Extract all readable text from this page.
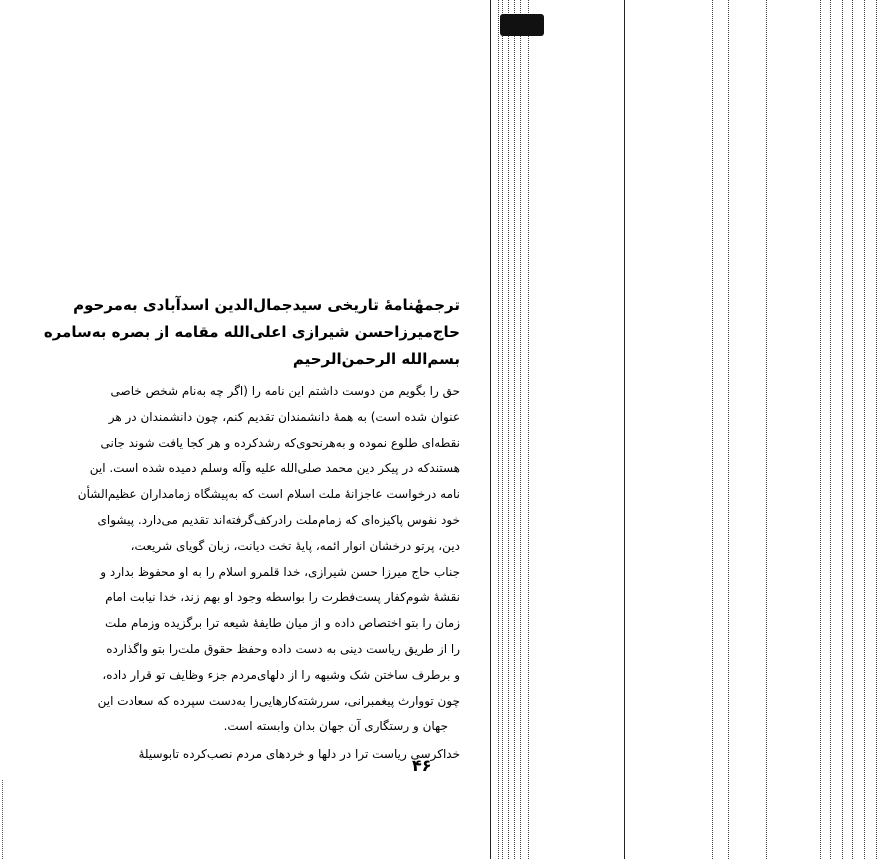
ترجمهٔنامهٔ تاریخی سیدجمال‌الدین اسدآبادی به‌مرحوم
حاج‌میرزاحسن شیرازی اعلی‌الله مقامه از بصره به‌سامره
بسم‌الله الرحمن‌الرحیم
حق را بگویم من دوست داشتم این نامه را (اگر چه به‌نام شخص خاصی
عنوان شده است) به همهٔ دانشمندان تقدیم کنم، چون دانشمندان در هر
نقطه‌ای طلوع نموده و به‌هرنحوی‌که رشدکرده و هر کجا یافت شوند جانی
هستندکه در پیکر دین محمد صلی‌الله علیه وآله وسلم دمیده شده است. این
نامه درخواست عاجزانهٔ ملت اسلام است که به‌پیشگاه زمامداران عظیم‌الشأن
خود نفوس پاکیزه‌ای که زمام‌ملت رادرکف‌گرفته‌اند تقدیم می‌دارد. پیشوای
دین، پرتو درخشان انوار ائمه، پایهٔ تخت دیانت، زبان گویای شریعت،
جناب حاج میرزا حسن شیرازی، خدا قلمرو اسلام را به او محفوظ بدارد و
نقشهٔ شوم‌کفار پست‌فطرت را بواسطه وجود او بهم زند، خدا نیابت امام
زمان را بتو اختصاص داده و از میان طایفهٔ شیعه ترا برگزیده وزمام ملت
را از طریق ریاست دینی به دست داده وحفظ حقوق ملت‌را بتو واگذارده
و برطرف ساختن شک وشبهه را از دلهای‌مردم جزء وظایف تو قرار داده،
چون تووارث پیغمبرانی، سررشته‌کارهایی‌را به‌دست سپرده که سعادت این
جهان و رستگاری آن جهان بدان وابسته است.
خداکرسی ریاست ترا در دلها و خردهای مردم نصب‌کرده تابوسیلهٔ
۴۶
